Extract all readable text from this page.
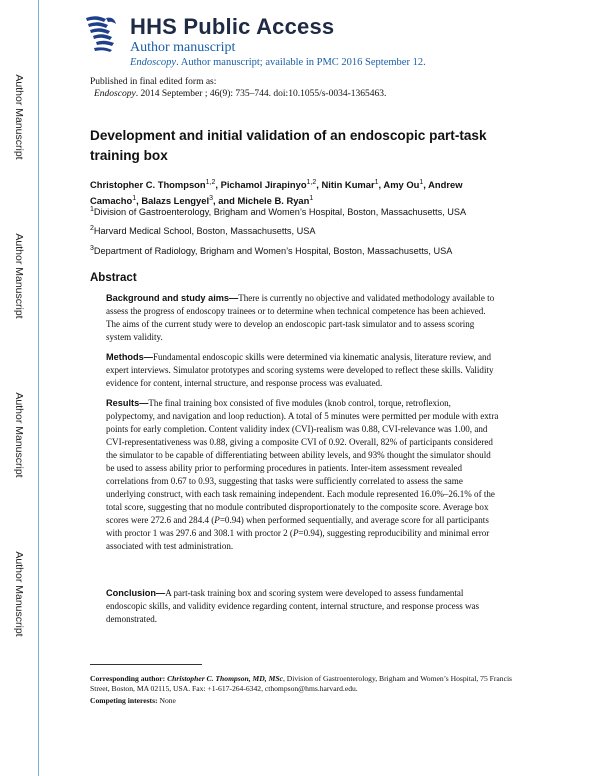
Author Manuscript
Author Manuscript
Author Manuscript
Author Manuscript
HHS Public Access
Author manuscript
Endoscopy. Author manuscript; available in PMC 2016 September 12.
Published in final edited form as:
Endoscopy. 2014 September ; 46(9): 735–744. doi:10.1055/s-0034-1365463.
Development and initial validation of an endoscopic part-task training box
Christopher C. Thompson$^{1,2}$, Pichamol Jirapinyo$^{1,2}$, Nitin Kumar$^1$, Amy Ou$^1$, Andrew Camacho$^1$, Balazs Lengyel$^3$, and Michele B. Ryan$^1$
$^1$Division of Gastroenterology, Brigham and Women’s Hospital, Boston, Massachusetts, USA
$^2$Harvard Medical School, Boston, Massachusetts, USA
$^3$Department of Radiology, Brigham and Women’s Hospital, Boston, Massachusetts, USA
Abstract
Background and study aims—There is currently no objective and validated methodology available to assess the progress of endoscopy trainees or to determine when technical competence has been achieved. The aims of the current study were to develop an endoscopic part-task simulator and to assess scoring system validity.
Methods—Fundamental endoscopic skills were determined via kinematic analysis, literature review, and expert interviews. Simulator prototypes and scoring systems were developed to reflect these skills. Validity evidence for content, internal structure, and response process was evaluated.
Results—The final training box consisted of five modules (knob control, torque, retroflexion, polypectomy, and navigation and loop reduction). A total of 5 minutes were permitted per module with extra points for early completion. Content validity index (CVI)-realism was 0.88, CVI-relevance was 1.00, and CVI-representativeness was 0.88, giving a composite CVI of 0.92. Overall, 82% of participants considered the simulator to be capable of differentiating between ability levels, and 93% thought the simulator should be used to assess ability prior to performing procedures in patients. Inter-item assessment revealed correlations from 0.67 to 0.93, suggesting that tasks were sufficiently correlated to assess the same underlying construct, with each task remaining independent. Each module represented 16.0%–26.1% of the total score, suggesting that no module contributed disproportionately to the composite score. Average box scores were 272.6 and 284.4 (P=0.94) when performed sequentially, and average score for all participants with proctor 1 was 297.6 and 308.1 with proctor 2 (P=0.94), suggesting reproducibility and minimal error associated with test administration.
Conclusion—A part-task training box and scoring system were developed to assess fundamental endoscopic skills, and validity evidence regarding content, internal structure, and response process was demonstrated.
Corresponding author: Christopher C. Thompson, MD, MSc, Division of Gastroenterology, Brigham and Women’s Hospital, 75 Francis Street, Boston, MA 02115, USA. Fax: +1-617-264-6342, cthompson@hms.harvard.edu.
Competing interests: None
